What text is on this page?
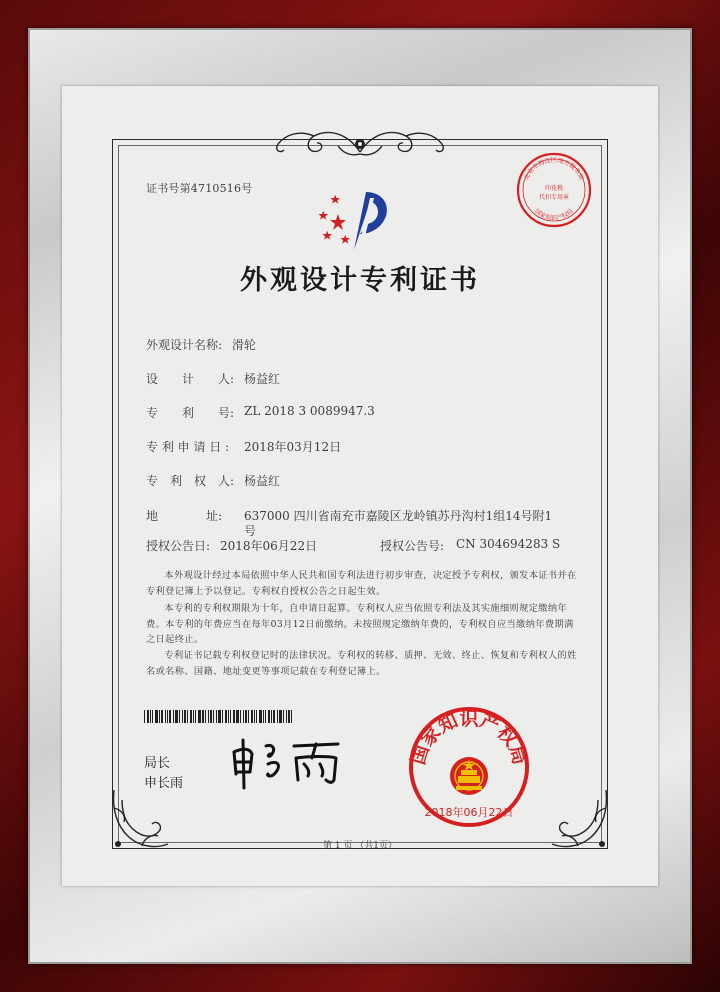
证书号第4710516号
北京市海淀区地方税务局
印花税
代扣专用章
国家知识产权局
外观设计专利证书
外观设计名称: 滑轮
设　　计　　人: 杨益红
专　　利　　号: ZL 2018 3 0089947.3
专 利 申 请 日 : 2018年03月12日
专　利　权　人: 杨益红
地　　　　址: 637000 四川省南充市嘉陵区龙岭镇苏丹沟村1组14号附1
号
授权公告日: 2018年06月22日	授权公告号: CN 304694283 S
本外观设计经过本局依照中华人民共和国专利法进行初步审查，决定授予专利权，颁发本证书并在专利登记簿上予以登记。专利权自授权公告之日起生效。
本专利的专利权期限为十年，自申请日起算。专利权人应当依照专利法及其实施细则规定缴纳年费。本专利的年费应当在每年03月12日前缴纳。未按照规定缴纳年费的，专利权自应当缴纳年费期满之日起终止。
专利证书记载专利权登记时的法律状况。专利权的转移、质押、无效、终止、恢复和专利权人的姓名或名称、国籍、地址变更等事项记载在专利登记簿上。
局长
申长雨
国家知识产权局
2018年06月22日
第 1 页 （共1页）
